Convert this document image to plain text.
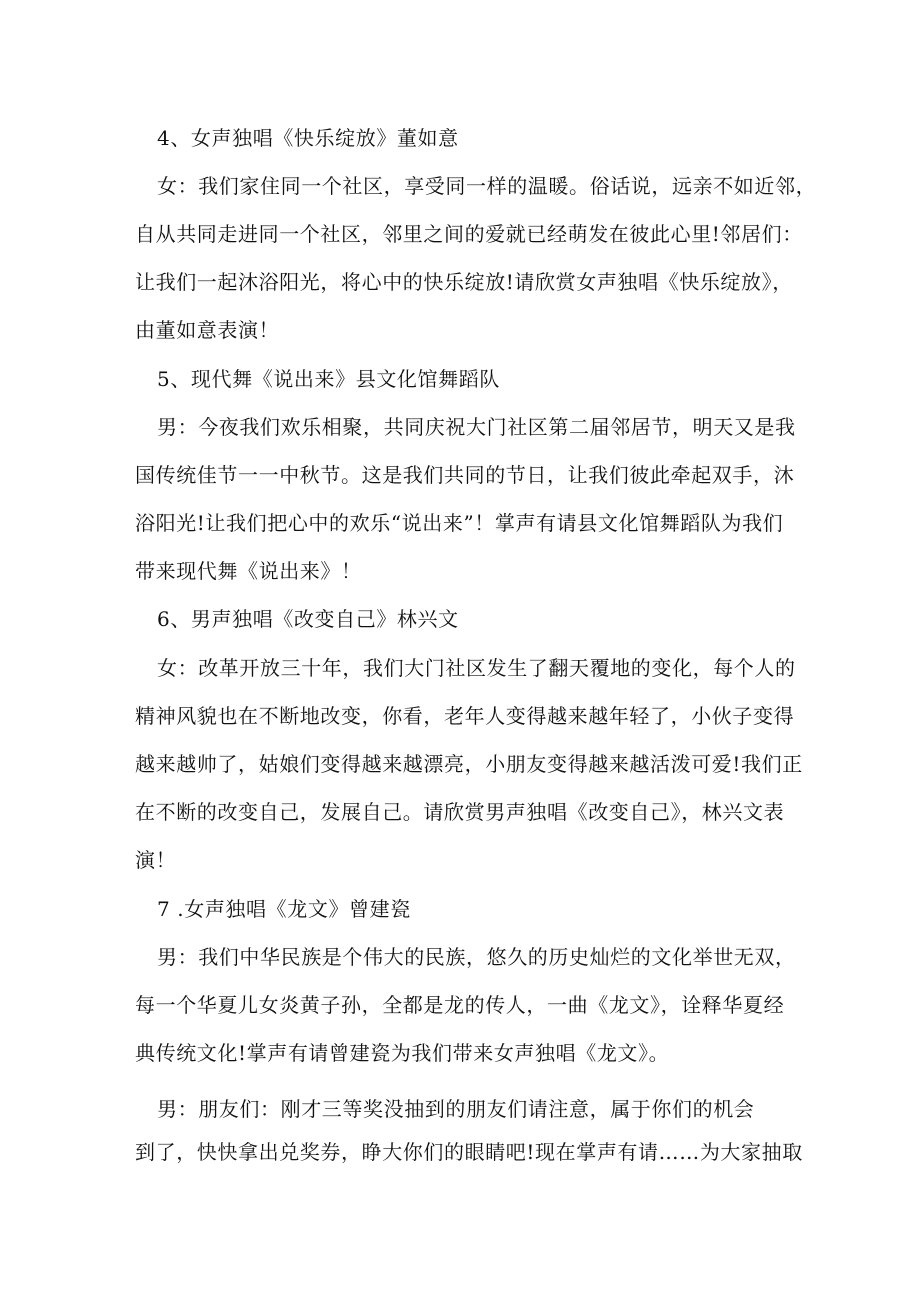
4、女声独唱《快乐绽放》董如意
女：我们家住同一个社区，享受同一样的温暖。俗话说，远亲不如近邻，
自从共同走进同一个社区，邻里之间的爱就已经萌发在彼此心里!邻居们：
让我们一起沐浴阳光，将心中的快乐绽放!请欣赏女声独唱《快乐绽放》，
由董如意表演！
5、现代舞《说出来》县文化馆舞蹈队
男：今夜我们欢乐相聚，共同庆祝大门社区第二届邻居节，明天又是我
国传统佳节一一中秋节。这是我们共同的节日，让我们彼此牵起双手，沐
浴阳光!让我们把心中的欢乐“说出来”！掌声有请县文化馆舞蹈队为我们
带来现代舞《说出来》！
6、男声独唱《改变自己》林兴文
女：改革开放三十年，我们大门社区发生了翻天覆地的变化，每个人的
精神风貌也在不断地改变，你看，老年人变得越来越年轻了，小伙子变得
越来越帅了，姑娘们变得越来越漂亮，小朋友变得越来越活泼可爱!我们正
在不断的改变自己，发展自己。请欣赏男声独唱《改变自己》，林兴文表
演！
7 .女声独唱《龙文》曾建瓷
男：我们中华民族是个伟大的民族，悠久的历史灿烂的文化举世无双，
每一个华夏儿女炎黄子孙，全都是龙的传人，一曲《龙文》，诠释华夏经
典传统文化!掌声有请曾建瓷为我们带来女声独唱《龙文》。
男：朋友们：刚才三等奖没抽到的朋友们请注意，属于你们的机会
到了，快快拿出兑奖券，睁大你们的眼睛吧!现在掌声有请……为大家抽取
